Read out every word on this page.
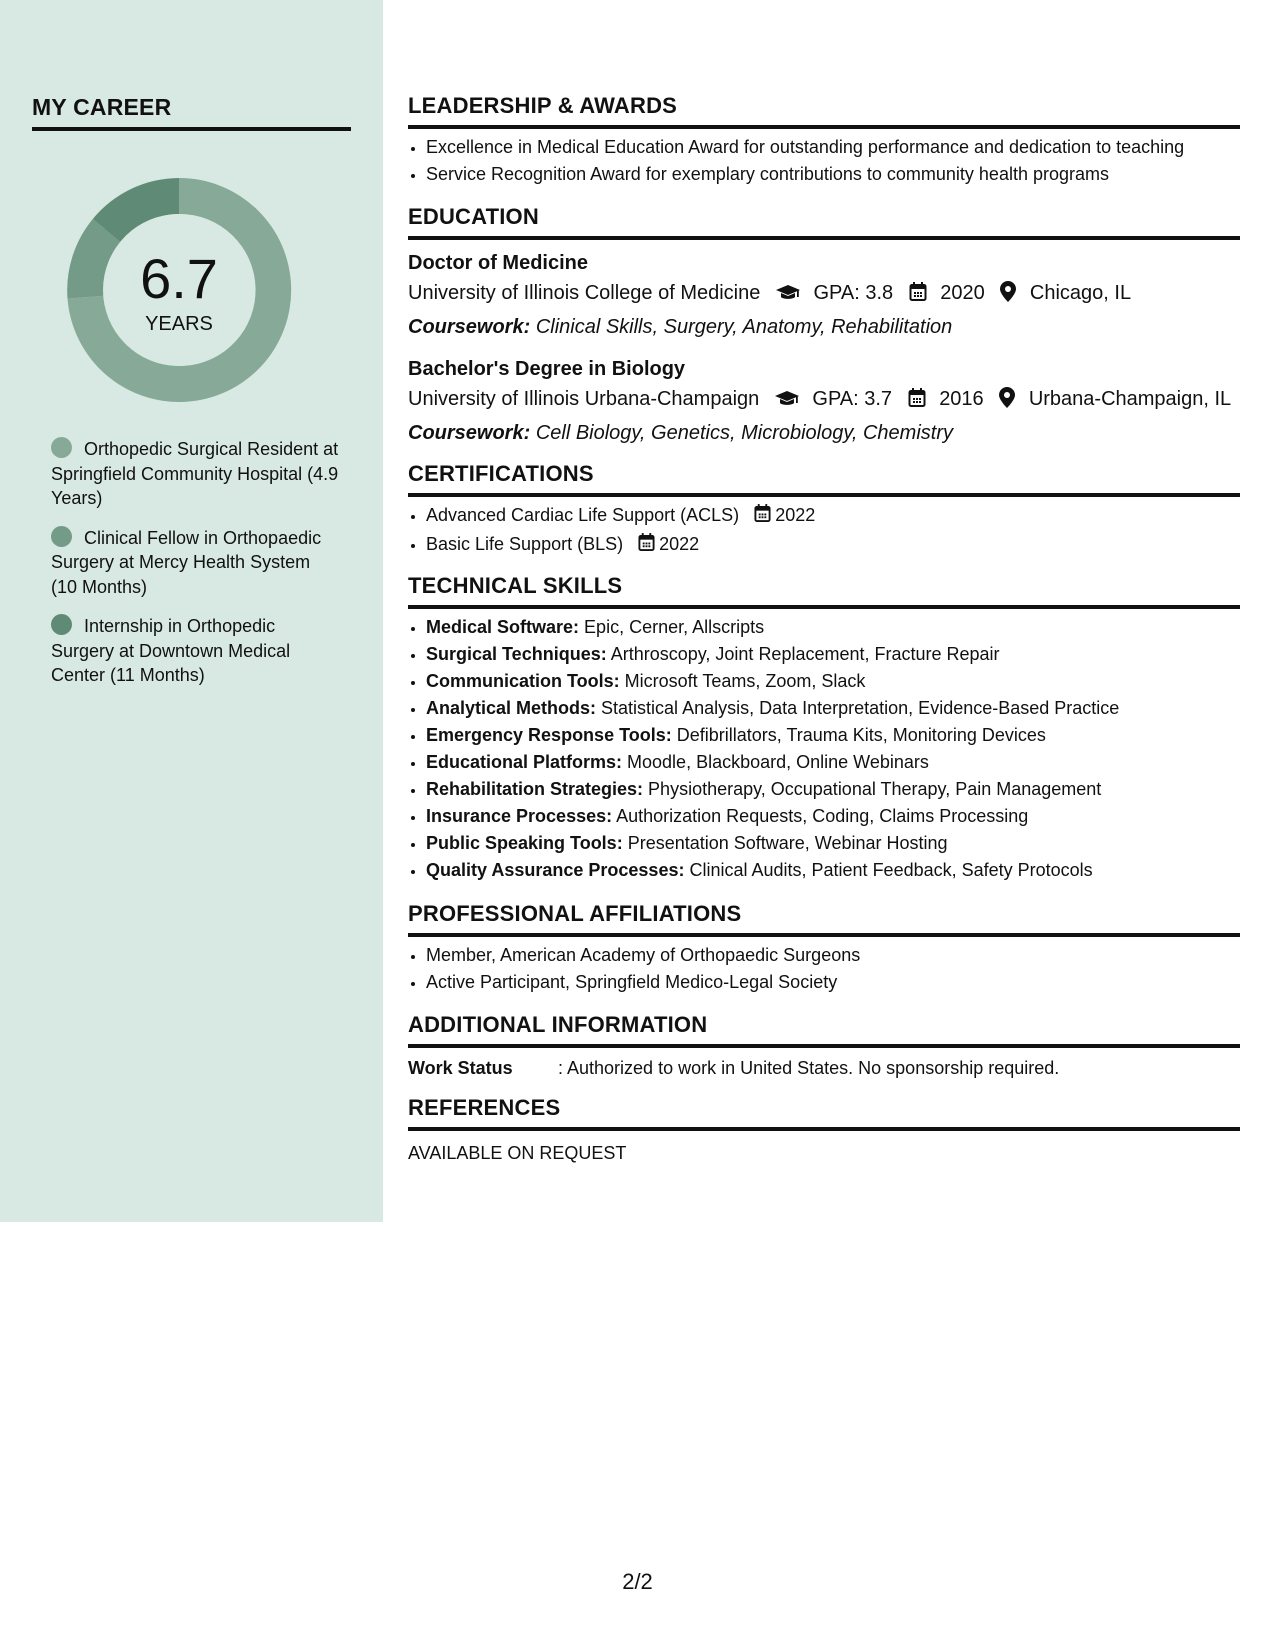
MY CAREER
6.7
YEARS
Orthopedic Surgical Resident at Springfield Community Hospital (4.9 Years)
Clinical Fellow in Orthopaedic Surgery at Mercy Health System (10 Months)
Internship in Orthopedic Surgery at Downtown Medical Center (11 Months)
LEADERSHIP & AWARDS
• Excellence in Medical Education Award for outstanding performance and dedication to teaching
• Service Recognition Award for exemplary contributions to community health programs
EDUCATION
Doctor of Medicine
University of Illinois College of Medicine	GPA: 3.8 2020 Chicago, IL
Coursework: Clinical Skills, Surgery, Anatomy, Rehabilitation
Bachelor's Degree in Biology
University of Illinois Urbana-Champaign	GPA: 3.7 2016 Urbana-Champaign, IL
Coursework: Cell Biology, Genetics, Microbiology, Chemistry
CERTIFICATIONS
• Advanced Cardiac Life Support (ACLS) 2022
• Basic Life Support (BLS) 2022
TECHNICAL SKILLS
• Medical Software: Epic, Cerner, Allscripts
• Surgical Techniques: Arthroscopy, Joint Replacement, Fracture Repair
• Communication Tools: Microsoft Teams, Zoom, Slack
• Analytical Methods: Statistical Analysis, Data Interpretation, Evidence-Based Practice
• Emergency Response Tools: Defibrillators, Trauma Kits, Monitoring Devices
• Educational Platforms: Moodle, Blackboard, Online Webinars
• Rehabilitation Strategies: Physiotherapy, Occupational Therapy, Pain Management
• Insurance Processes: Authorization Requests, Coding, Claims Processing
• Public Speaking Tools: Presentation Software, Webinar Hosting
• Quality Assurance Processes: Clinical Audits, Patient Feedback, Safety Protocols
PROFESSIONAL AFFILIATIONS
• Member, American Academy of Orthopaedic Surgeons
• Active Participant, Springfield Medico-Legal Society
ADDITIONAL INFORMATION
Work Status	: Authorized to work in United States. No sponsorship required.
REFERENCES
AVAILABLE ON REQUEST
2/2
